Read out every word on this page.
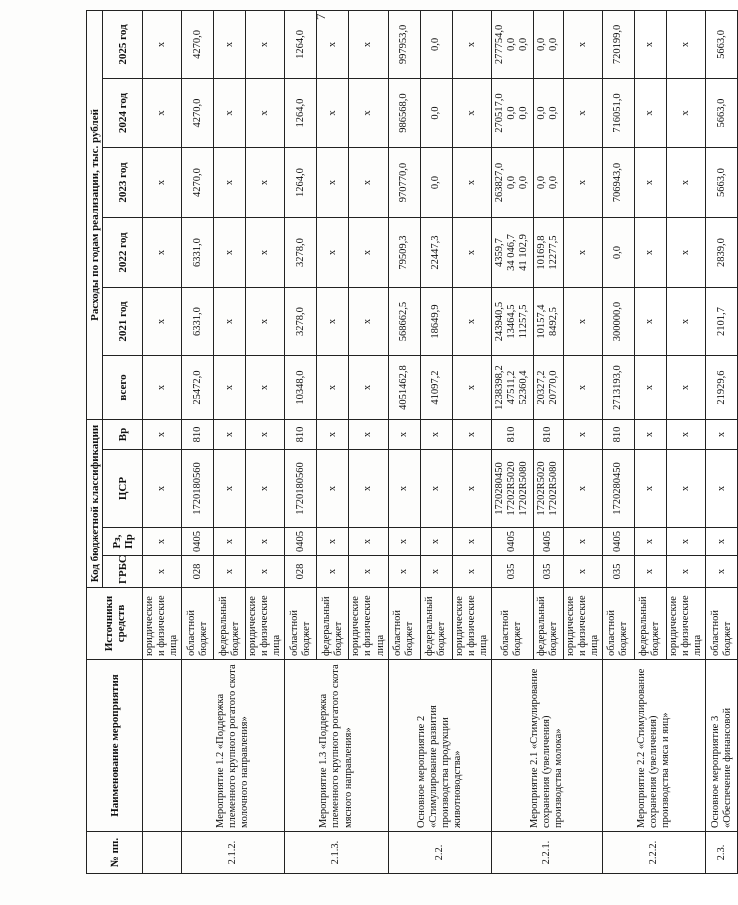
№ пп.	Наименование мероприятия	Источники средств	Код бюджетной классификации				Расходы по годам реализации, тыс. рублей					
			ГРБС	Рз, Пр	ЦСР	Вр	всего	2021 год	2022 год	2023 год	2024 год	2025 год
		юридические и физические лица	х	х	х	х	х	х	х	х	х	х

2.1.2.	Мероприятие 1.2 «Поддержка племенного крупного рогатого скота молочного направления»	областной бюджет	028	0405	1720180560	810	25472,0	6331,0	6331,0	4270,0	4270,0	4270,0

		федеральный бюджет	х	х	х	х	х	х	х	х	х	х

		юридические и физические лица	х	х	х	х	х	х	х	х	х	х

2.1.3.	Мероприятие 1.3 «Поддержка племенного крупного рогатого скота мясного направления»	областной бюджет	028	0405	1720180560	810	10348,0	3278,0	3278,0	1264,0	1264,0	1264,0

		федеральный бюджет	х	х	х	х	х	х	х	х	х	х

		юридические и физические лица	х	х	х	х	х	х	х	х	х	х

2.2.	Основное мероприятие 2 «Стимулирование развития производства продукции животноводства»	областной бюджет	х	х	х	х	4051462,8	568662,5	79509,3	970770,0	986568,0	997953,0

		федеральный бюджет	х	х	х	х	41097,2	18649,9	22447,3	0,0	0,0	0,0

		юридические и физические лица	х	х	х	х	х	х	х	х	х	х

2.2.1.	Мероприятие 2.1 «Стимулирование сохранения (увеличения) производства молока»	областной бюджет	035	0405	1720280450
17202R5020
17202R5080	810	1238398,2
47511,2
52360,4	243940,5
13464,5
11257,5	4359,7
34 046,7
41 102,9	263827,0
0,0
0,0	270517,0
0,0
0,0	277754,0
0,0
0,0

		федеральный бюджет	035	0405	17202R5020
17202R5080	810	20327,2
20770,0	10157,4
8492,5	10169,8
12277,5	0,0
0,0	0,0
0,0	0,0
0,0

		юридические и физические лица	х	х	х	х	х	х	х	х	х	х

2.2.2.	Мероприятие 2.2 «Стимулирование сохранения (увеличения) производства мяса и яиц»	областной бюджет	035	0405	1720280450	810	2713193,0	300000,0	0,0	706943,0	716051,0	720199,0

		федеральный бюджет	х	х	х	х	х	х	х	х	х	х

		юридические и физические лица	х	х	х	х	х	х	х	х	х	х

2.3.	Основное мероприятие 3 «Обеспечение финансовой	областной бюджет	х	х	х	х	21929,6	2101,7	2839,0	5663,0	5663,0	5663,0
7
